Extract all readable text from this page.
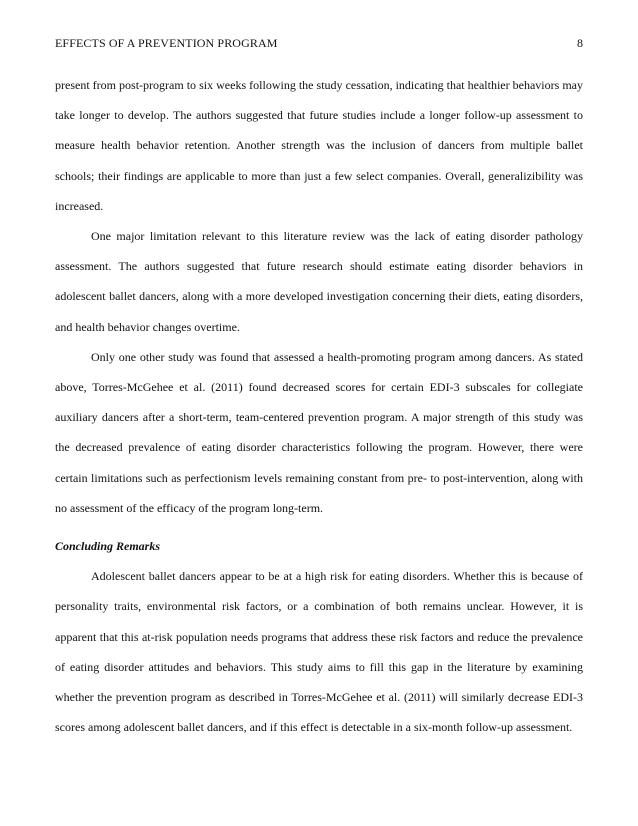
EFFECTS OF A PREVENTION PROGRAM	8

present from post-program to six weeks following the study cessation, indicating that healthier behaviors may take longer to develop. The authors suggested that future studies include a longer follow-up assessment to measure health behavior retention. Another strength was the inclusion of dancers from multiple ballet schools; their findings are applicable to more than just a few select companies. Overall, generalizibility was increased.

One major limitation relevant to this literature review was the lack of eating disorder pathology assessment. The authors suggested that future research should estimate eating disorder behaviors in adolescent ballet dancers, along with a more developed investigation concerning their diets, eating disorders, and health behavior changes overtime.

Only one other study was found that assessed a health-promoting program among dancers. As stated above, Torres-McGehee et al. (2011) found decreased scores for certain EDI-3 subscales for collegiate auxiliary dancers after a short-term, team-centered prevention program. A major strength of this study was the decreased prevalence of eating disorder characteristics following the program. However, there were certain limitations such as perfectionism levels remaining constant from pre- to post-intervention, along with no assessment of the efficacy of the program long-term.

Concluding Remarks

Adolescent ballet dancers appear to be at a high risk for eating disorders. Whether this is because of personality traits, environmental risk factors, or a combination of both remains unclear. However, it is apparent that this at-risk population needs programs that address these risk factors and reduce the prevalence of eating disorder attitudes and behaviors. This study aims to fill this gap in the literature by examining whether the prevention program as described in Torres-McGehee et al. (2011) will similarly decrease EDI-3 scores among adolescent ballet dancers, and if this effect is detectable in a six-month follow-up assessment.
